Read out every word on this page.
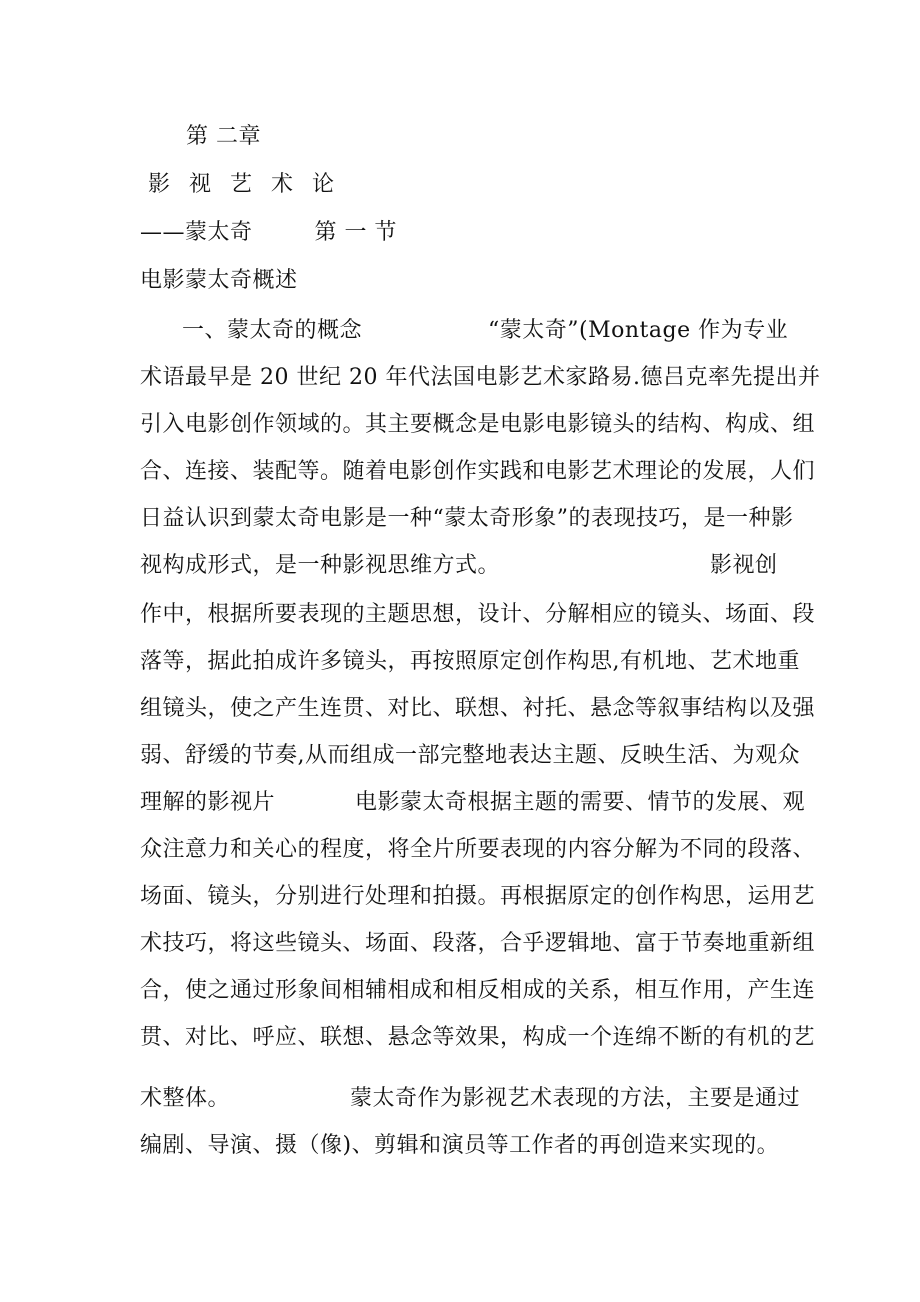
第 二章
影 视 艺 术 论
——蒙太奇	第 一 节
电影蒙太奇概述
一、蒙太奇的概念	“蒙太奇”(Montage 作为专业
术语最早是 20 世纪 20 年代法国电影艺术家路易.德吕克率先提出并
引入电影创作领域的。其主要概念是电影电影镜头的结构、构成、组
合、连接、装配等。随着电影创作实践和电影艺术理论的发展，人们
日益认识到蒙太奇电影是一种“蒙太奇形象”的表现技巧，是一种影
视构成形式，是一种影视思维方式。	影视创
作中，根据所要表现的主题思想，设计、分解相应的镜头、场面、段
落等，据此拍成许多镜头，再按照原定创作构思,有机地、艺术地重
组镜头，使之产生连贯、对比、联想、衬托、悬念等叙事结构以及强
弱、舒缓的节奏,从而组成一部完整地表达主题、反映生活、为观众
理解的影视片	电影蒙太奇根据主题的需要、情节的发展、观
众注意力和关心的程度，将全片所要表现的内容分解为不同的段落、
场面、镜头，分别进行处理和拍摄。再根据原定的创作构思，运用艺
术技巧，将这些镜头、场面、段落，合乎逻辑地、富于节奏地重新组
合，使之通过形象间相辅相成和相反相成的关系，相互作用，产生连
贯、对比、呼应、联想、悬念等效果，构成一个连绵不断的有机的艺
术整体。	蒙太奇作为影视艺术表现的方法，主要是通过
编剧、导演、摄（像)、剪辑和演员等工作者的再创造来实现的。
